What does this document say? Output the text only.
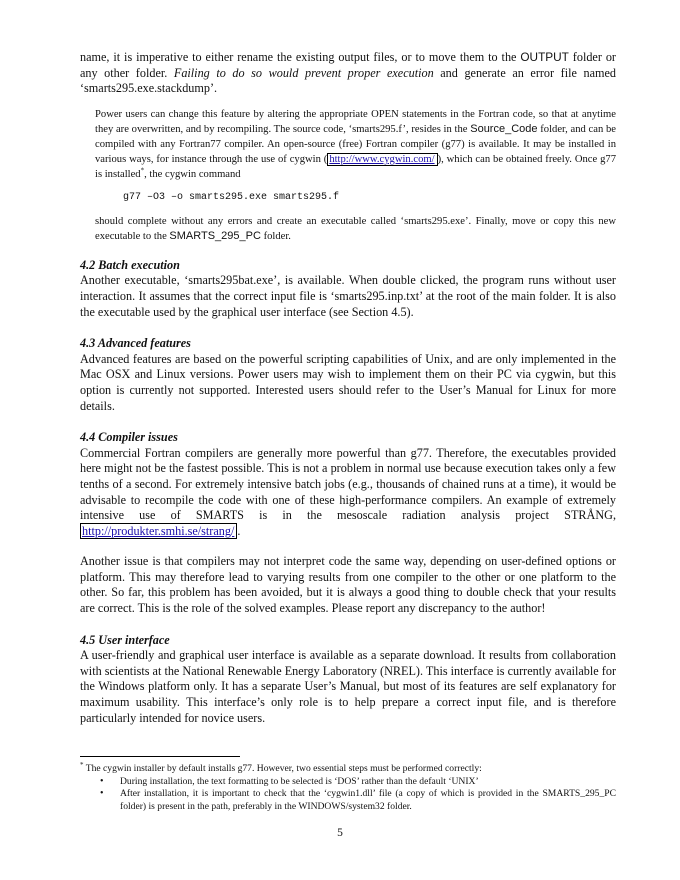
name, it is imperative to either rename the existing output files, or to move them to the OUTPUT folder or any other folder. Failing to do so would prevent proper execution and generate an error file named ‘smarts295.exe.stackdump’.

Power users can change this feature by altering the appropriate OPEN statements in the Fortran code, so that at anytime they are overwritten, and by recompiling. The source code, ‘smarts295.f’, resides in the Source_Code folder, and can be compiled with any Fortran77 compiler. An open-source (free) Fortran compiler (g77) is available. It may be installed in various ways, for instance through the use of cygwin ( http://www.cygwin.com/ ), which can be obtained freely. Once g77 is installed*, the cygwin command

g77 –O3 –o smarts295.exe smarts295.f

should complete without any errors and create an executable called ‘smarts295.exe’. Finally, move or copy this new executable to the SMARTS_295_PC folder.

4.2 Batch execution

Another executable, ‘smarts295bat.exe’, is available. When double clicked, the program runs without user interaction. It assumes that the correct input file is ‘smarts295.inp.txt’ at the root of the main folder. It is also the executable used by the graphical user interface (see Section 4.5).

4.3 Advanced features

Advanced features are based on the powerful scripting capabilities of Unix, and are only implemented in the Mac OSX and Linux versions. Power users may wish to implement them on their PC via cygwin, but this option is currently not supported. Interested users should refer to the User’s Manual for Linux for more details.

4.4 Compiler issues

Commercial Fortran compilers are generally more powerful than g77. Therefore, the executables provided here might not be the fastest possible. This is not a problem in normal use because execution takes only a few tenths of a second. For extremely intensive batch jobs (e.g., thousands of chained runs at a time), it would be advisable to recompile the code with one of these high-performance compilers. An example of extremely intensive use of SMARTS is in the mesoscale radiation analysis project STRÅNG, http://produkter.smhi.se/strang/ .

Another issue is that compilers may not interpret code the same way, depending on user-defined options or platform. This may therefore lead to varying results from one compiler to the other or one platform to the other. So far, this problem has been avoided, but it is always a good thing to double check that your results are correct. This is the role of the solved examples. Please report any discrepancy to the author!

4.5 User interface

A user-friendly and graphical user interface is available as a separate download. It results from collaboration with scientists at the National Renewable Energy Laboratory (NREL). This interface is currently available for the Windows platform only. It has a separate User’s Manual, but most of its features are self explanatory for maximum usability. This interface’s only role is to help prepare a correct input file, and is therefore particularly intended for novice users.

* The cygwin installer by default installs g77. However, two essential steps must be performed correctly:
• During installation, the text formatting to be selected is ‘DOS’ rather than the default ‘UNIX’
• After installation, it is important to check that the ‘cygwin1.dll’ file (a copy of which is provided in the SMARTS_295_PC folder) is present in the path, preferably in the WINDOWS/system32 folder.
5
